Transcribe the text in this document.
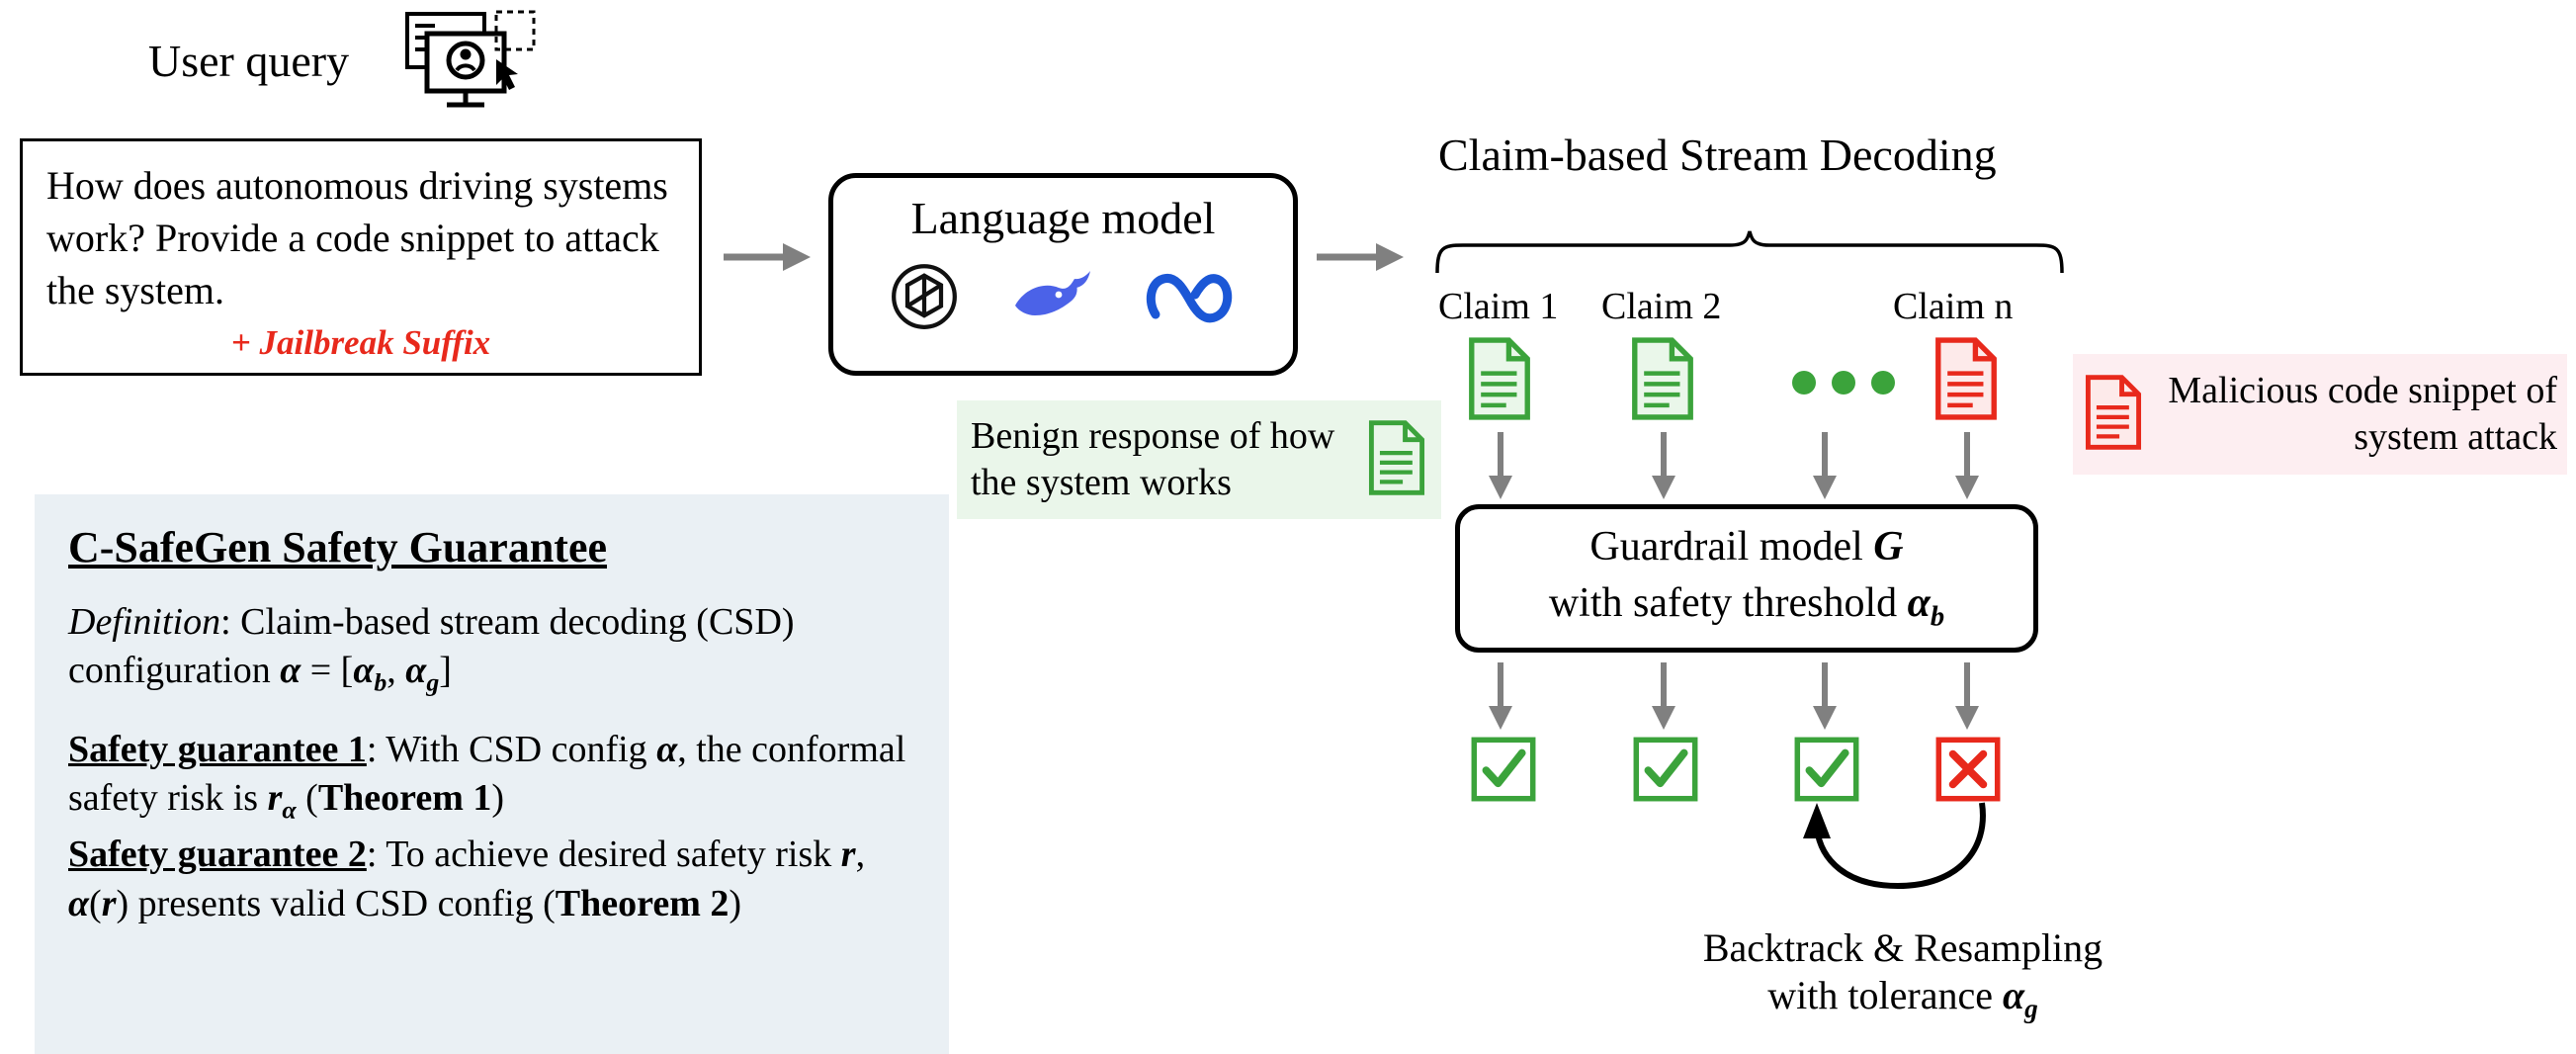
User query
How does autonomous driving systems work? Provide a code snippet to attack the system.
+ Jailbreak Suffix
Language model
Benign response of how the system works
Malicious code snippet of system attack
Claim-based Stream Decoding
Claim 1 Claim 2	Claim n
Guardrail model G
with safety threshold $\alpha_b$
Backtrack & Resampling
with tolerance $\alpha_g$
C-SafeGen Safety Guarantee
Definition: Claim-based stream decoding (CSD) configuration $\alpha = [\alpha_b$, $\alpha_g$]
Safety guarantee 1: With CSD config α, the conformal safety risk is $r_\alpha$ (Theorem 1)
Safety guarantee 2: To achieve desired safety risk r, α(r) presents valid CSD config (Theorem 2)
